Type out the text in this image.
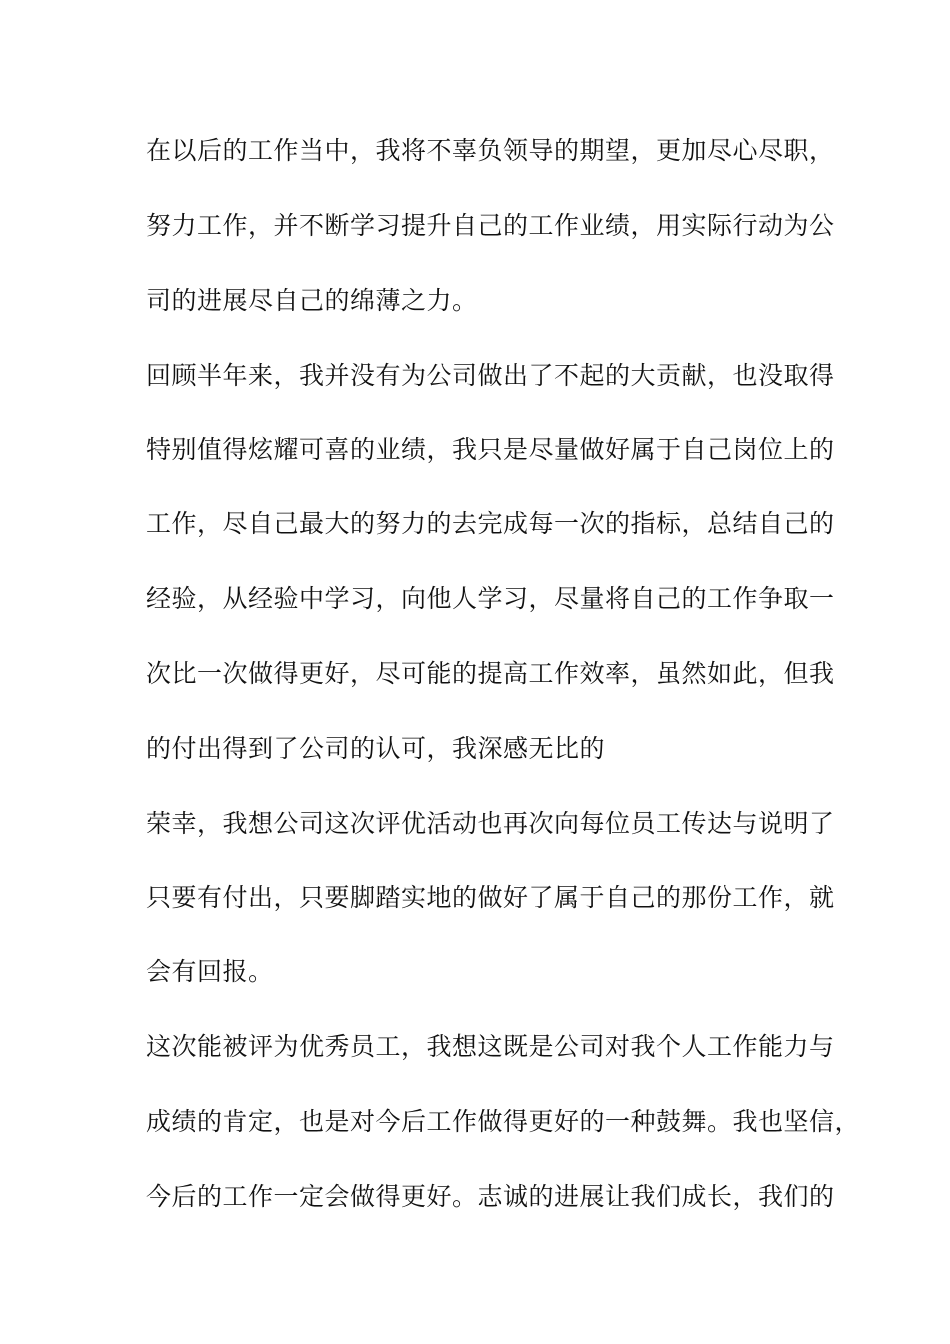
在以后的工作当中，我将不辜负领导的期望，更加尽心尽职，
努力工作，并不断学习提升自己的工作业绩，用实际行动为公
司的进展尽自己的绵薄之力。
回顾半年来，我并没有为公司做出了不起的大贡献，也没取得
特别值得炫耀可喜的业绩，我只是尽量做好属于自己岗位上的
工作，尽自己最大的努力的去完成每一次的指标，总结自己的
经验，从经验中学习，向他人学习，尽量将自己的工作争取一
次比一次做得更好，尽可能的提高工作效率，虽然如此，但我
的付出得到了公司的认可，我深感无比的
荣幸，我想公司这次评优活动也再次向每位员工传达与说明了
只要有付出，只要脚踏实地的做好了属于自己的那份工作，就
会有回报。
这次能被评为优秀员工，我想这既是公司对我个人工作能力与
成绩的肯定，也是对今后工作做得更好的一种鼓舞。我也坚信，
今后的工作一定会做得更好。志诚的进展让我们成长，我们的
